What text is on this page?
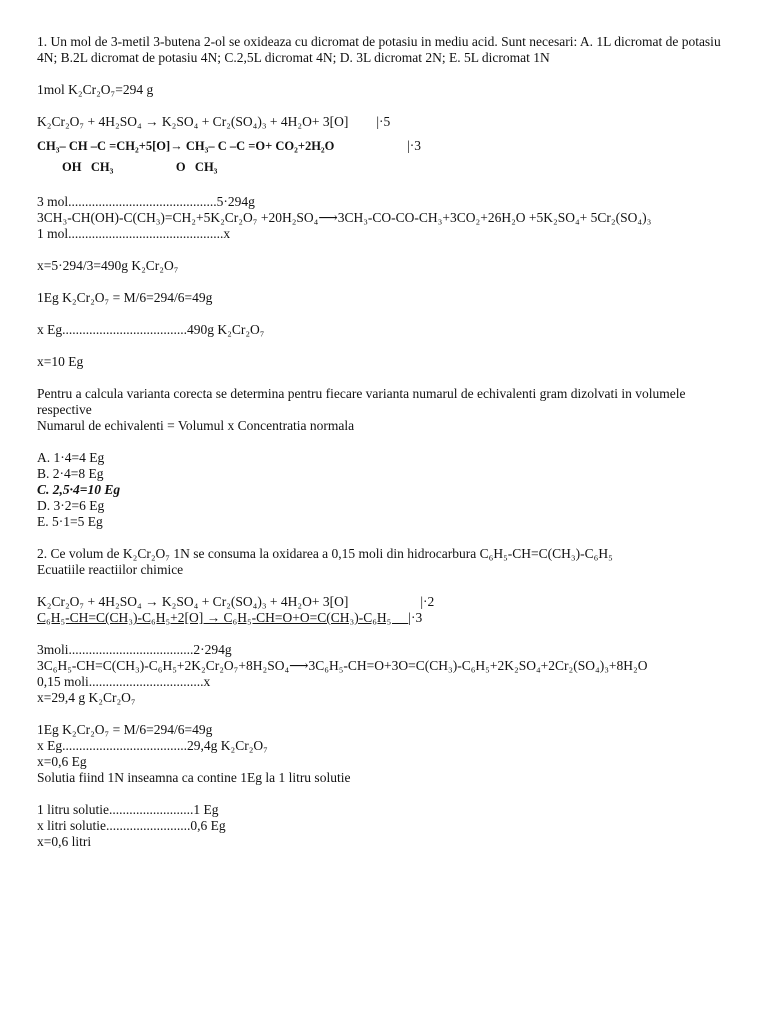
1. Un mol de 3-metil 3-butena 2-ol se oxideaza cu dicromat de potasiu in mediu acid. Sunt necesari: A. 1L dicromat de potasiu 4N; B.2L dicromat de potasiu 4N; C.2,5L dicromat 4N; D. 3L dicromat 2N; E. 5L dicromat 1N

1mol K₂Cr₂O₇=294 g

K₂Cr₂O₇ + 4H₂SO₄ → K₂SO₄ + Cr₂(SO₄)₃ + 4H₂O+ 3[O] |·5
CH₃– CH –C =CH₂+5[O]→ CH₃– C –C =O+ CO₂+2H₂O
OH   CH₃                    O   CH₃
|·3

3 mol............................................5·294g

3CH₃-CH(OH)-C(CH₃)=CH₂+5K₂Cr₂O₇ +20H₂SO₄⟶3CH₃-CO-CO-CH₃+3CO₂+26H₂O +5K₂SO₄+ 5Cr₂(SO₄)₃

1 mol..............................................x

x=5·294/3=490g K₂Cr₂O₇

1Eg K₂Cr₂O₇ = M/6=294/6=49g

x Eg.....................................490g K₂Cr₂O₇

x=10 Eg

Pentru a calcula varianta corecta se determina pentru fiecare varianta numarul de echivalenti gram dizolvati in volumele respective

Numarul de echivalenti = Volumul x Concentratia normala

A. 1·4=4 Eg

B. 2·4=8 Eg

C. 2,5·4=10 Eg

D. 3·2=6 Eg

E. 5·1=5 Eg

2. Ce volum de K₂Cr₂O₇ 1N se consuma la oxidarea a 0,15 moli din hidrocarbura C₆H₅-CH=C(CH₃)-C₆H₅

Ecuatiile reactiilor chimice

K₂Cr₂O₇ + 4H₂SO₄ → K₂SO₄ + Cr₂(SO₄)₃ + 4H₂O+ 3[O]	|·2
C₆H₅-CH=C(CH₃)-C₆H₅+2[O] → C₆H₅-CH=O+O=C(CH₃)-C₆H₅ |·3

3moli.....................................2·294g

3C₆H₅-CH=C(CH₃)-C₆H₅+2K₂Cr₂O₇+8H₂SO₄⟶3C₆H₅-CH=O+3O=C(CH₃)-C₆H₅+2K₂SO₄+2Cr₂(SO₄)₃+8H₂O

0,15 moli..................................x

x=29,4 g K₂Cr₂O₇

1Eg K₂Cr₂O₇ = M/6=294/6=49g

x Eg.....................................29,4g K₂Cr₂O₇

x=0,6 Eg

Solutia fiind 1N inseamna ca contine 1Eg la 1 litru solutie

1 litru solutie.........................1 Eg

x litri solutie.........................0,6 Eg

x=0,6 litri
